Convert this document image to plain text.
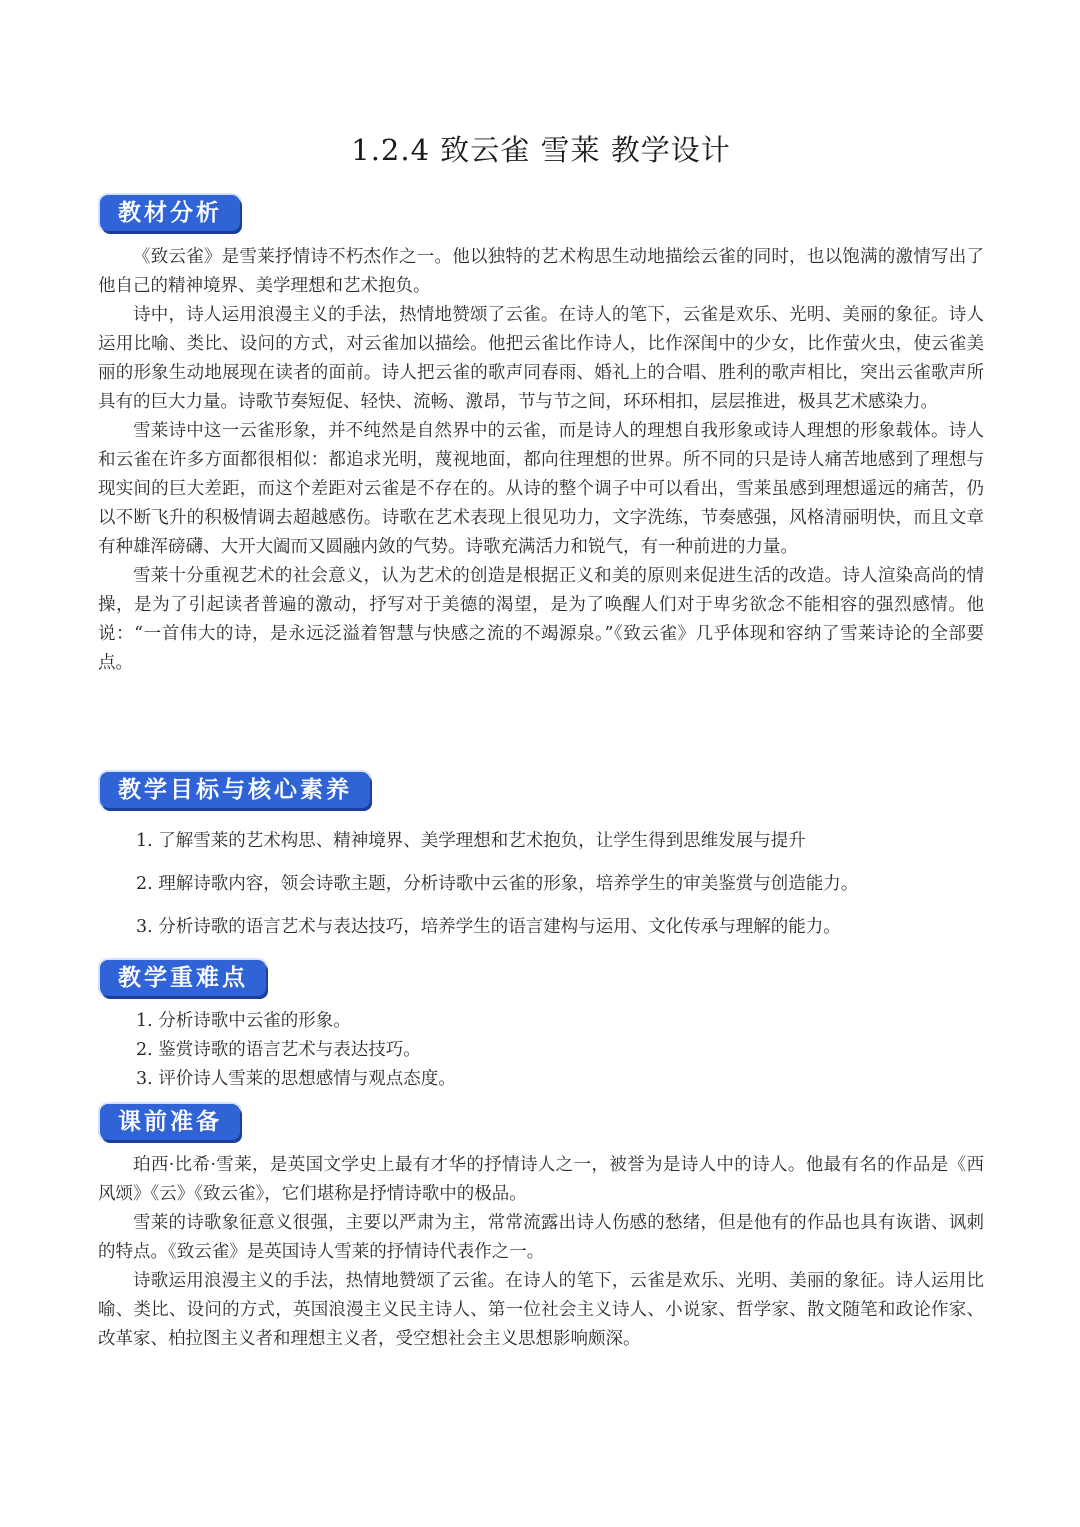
1.2.4 致云雀 雪莱 教学设计
教材分析

《致云雀》是雪莱抒情诗不朽杰作之一。他以独特的艺术构思生动地描绘云雀的同时，也以饱满的激情写出了他自己的精神境界、美学理想和艺术抱负。

诗中，诗人运用浪漫主义的手法，热情地赞颂了云雀。在诗人的笔下，云雀是欢乐、光明、美丽的象征。诗人运用比喻、类比、设问的方式，对云雀加以描绘。他把云雀比作诗人，比作深闺中的少女，比作萤火虫，使云雀美丽的形象生动地展现在读者的面前。诗人把云雀的歌声同春雨、婚礼上的合唱、胜利的歌声相比，突出云雀歌声所具有的巨大力量。诗歌节奏短促、轻快、流畅、激昂，节与节之间，环环相扣，层层推进，极具艺术感染力。

雪莱诗中这一云雀形象，并不纯然是自然界中的云雀，而是诗人的理想自我形象或诗人理想的形象载体。诗人和云雀在许多方面都很相似：都追求光明，蔑视地面，都向往理想的世界。所不同的只是诗人痛苦地感到了理想与现实间的巨大差距，而这个差距对云雀是不存在的。从诗的整个调子中可以看出，雪莱虽感到理想遥远的痛苦，仍以不断飞升的积极情调去超越感伤。诗歌在艺术表现上很见功力，文字洗练，节奏感强，风格清丽明快，而且文章有种雄浑磅礴、大开大阖而又圆融内敛的气势。诗歌充满活力和锐气，有一种前进的力量。

雪莱十分重视艺术的社会意义，认为艺术的创造是根据正义和美的原则来促进生活的改造。诗人渲染高尚的情操，是为了引起读者普遍的激动，抒写对于美德的渴望，是为了唤醒人们对于卑劣欲念不能相容的强烈感情。他说：“一首伟大的诗，是永远泛溢着智慧与快感之流的不竭源泉。”《致云雀》几乎体现和容纳了雪莱诗论的全部要点。

教学目标与核心素养

1. 了解雪莱的艺术构思、精神境界、美学理想和艺术抱负，让学生得到思维发展与提升

2. 理解诗歌内容，领会诗歌主题，分析诗歌中云雀的形象，培养学生的审美鉴赏与创造能力。

3. 分析诗歌的语言艺术与表达技巧，培养学生的语言建构与运用、文化传承与理解的能力。

教学重难点

1. 分析诗歌中云雀的形象。

2. 鉴赏诗歌的语言艺术与表达技巧。

3. 评价诗人雪莱的思想感情与观点态度。

课前准备

珀西·比希·雪莱，是英国文学史上最有才华的抒情诗人之一，被誉为是诗人中的诗人。他最有名的作品是《西风颂》《云》《致云雀》，它们堪称是抒情诗歌中的极品。

雪莱的诗歌象征意义很强，主要以严肃为主，常常流露出诗人伤感的愁绪，但是他有的作品也具有诙谐、讽刺的特点。《致云雀》是英国诗人雪莱的抒情诗代表作之一。

诗歌运用浪漫主义的手法，热情地赞颂了云雀。在诗人的笔下，云雀是欢乐、光明、美丽的象征。诗人运用比喻、类比、设问的方式，英国浪漫主义民主诗人、第一位社会主义诗人、小说家、哲学家、散文随笔和政论作家、改革家、柏拉图主义者和理想主义者，受空想社会主义思想影响颇深。
